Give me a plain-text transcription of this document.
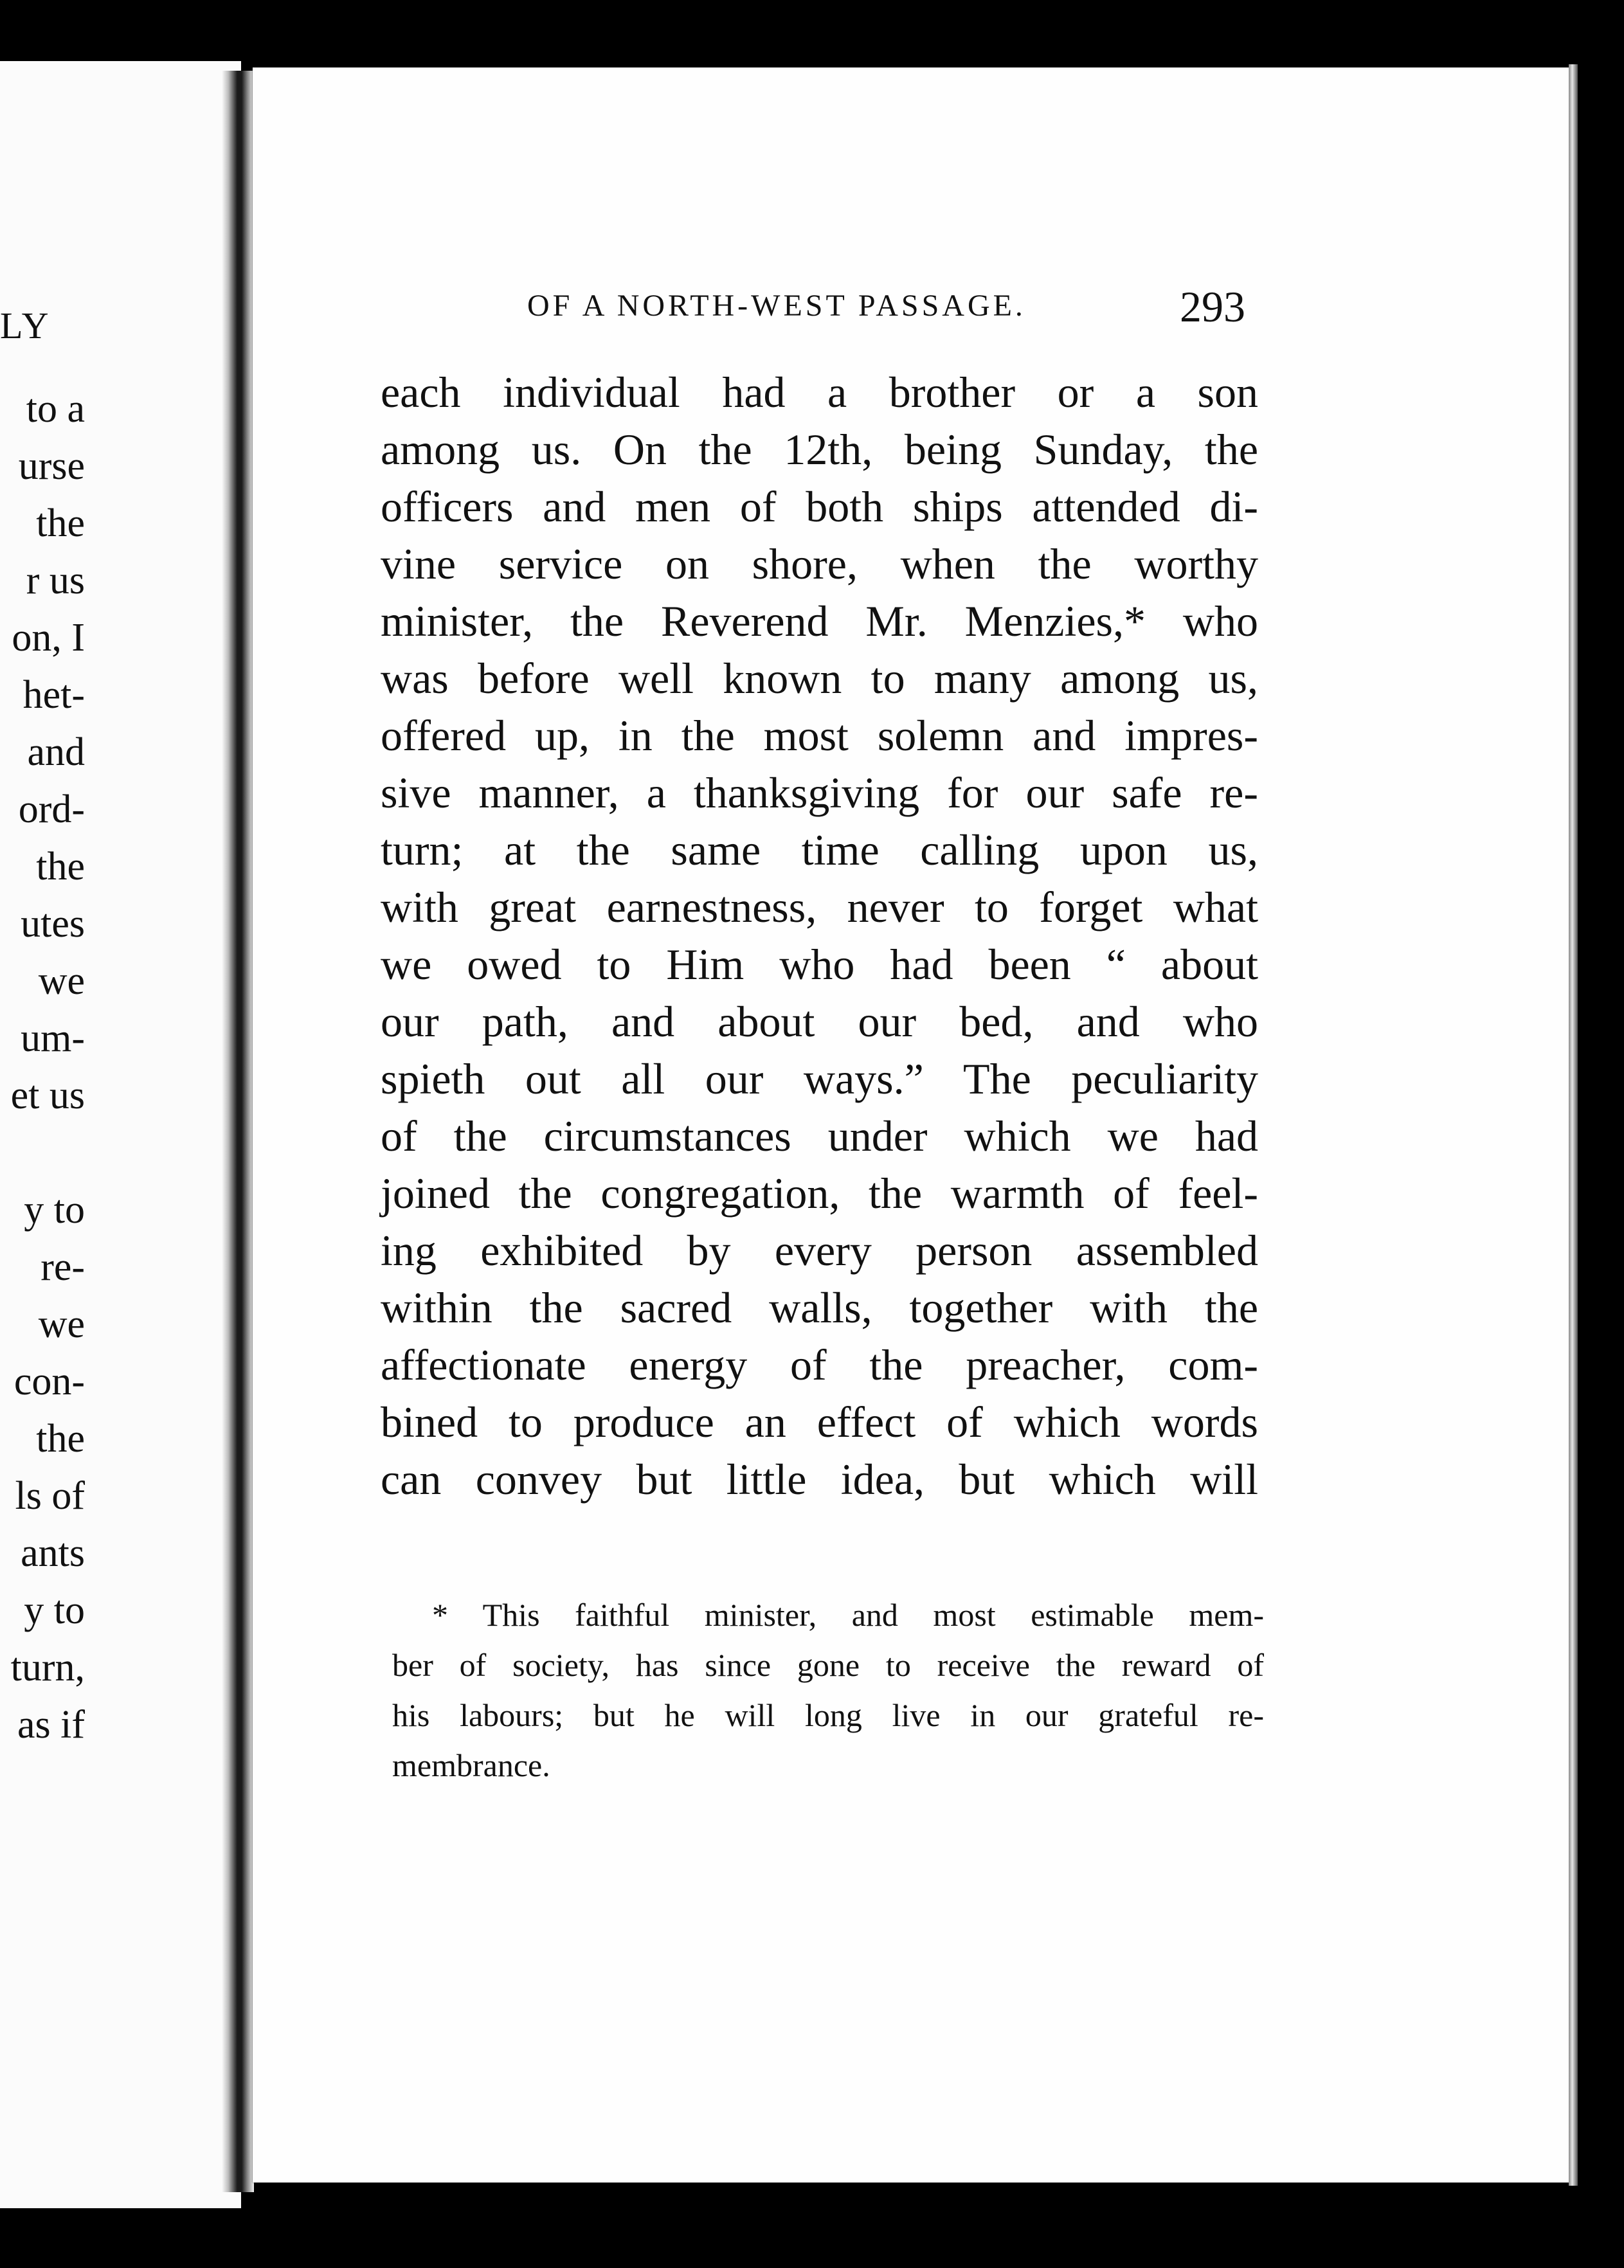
LY
to a
urse
the
r us
on, I
het-
and
ord-
the
utes
we
um-
et us
y to
re-
we
con-
the
ls of
ants
y to
turn,
as if
OF A NORTH-WEST PASSAGE.	293
each individual had a brother or a son
among us. On the 12th, being Sunday, the
officers and men of both ships attended di-
vine service on shore, when the worthy
minister, the Reverend Mr. Menzies,* who
was before well known to many among us,
offered up, in the most solemn and impres-
sive manner, a thanksgiving for our safe re-
turn; at the same time calling upon us,
with great earnestness, never to forget what
we owed to Him who had been “ about
our path, and about our bed, and who
spieth out all our ways.” The peculiarity
of the circumstances under which we had
joined the congregation, the warmth of feel-
ing exhibited by every person assembled
within the sacred walls, together with the
affectionate energy of the preacher, com-
bined to produce an effect of which words
can convey but little idea, but which will
* This faithful minister, and most estimable mem-
ber of society, has since gone to receive the reward of
his labours; but he will long live in our grateful re-
membrance.
